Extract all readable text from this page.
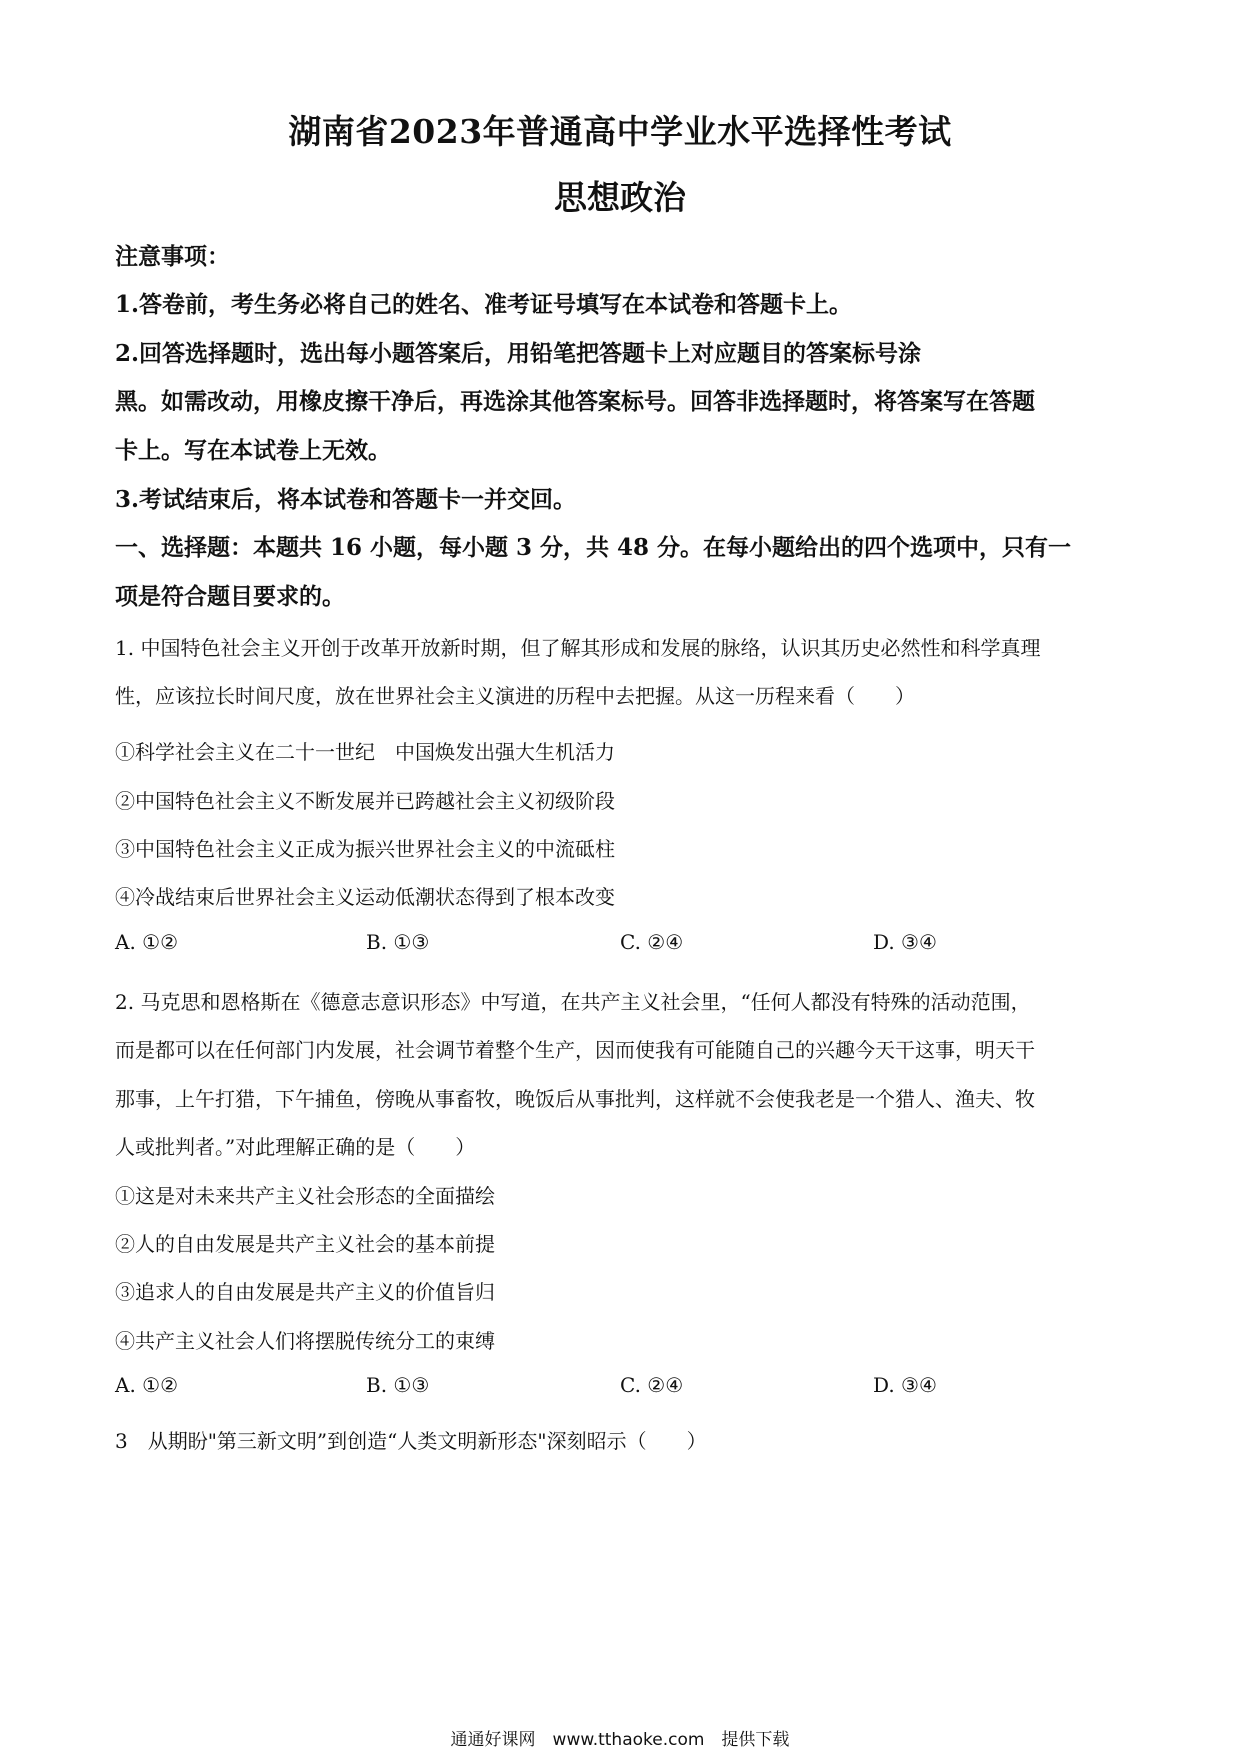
湖南省2023年普通高中学业水平选择性考试
思想政治
注意事项：
1.答卷前，考生务必将自己的姓名、准考证号填写在本试卷和答题卡上。
2.回答选择题时，选出每小题答案后，用铅笔把答题卡上对应题目的答案标号涂
黑。如需改动，用橡皮擦干净后，再选涂其他答案标号。回答非选择题时，将答案写在答题
卡上。写在本试卷上无效。
3.考试结束后，将本试卷和答题卡一并交回。
一、选择题：本题共 16 小题，每小题 3 分，共 48 分。在每小题给出的四个选项中，只有一
项是符合题目要求的。
1. 中国特色社会主义开创于改革开放新时期，但了解其形成和发展的脉络，认识其历史必然性和科学真理
性，应该拉长时间尺度，放在世界社会主义演进的历程中去把握。从这一历程来看（　　）
①科学社会主义在二十一世纪　中国焕发出强大生机活力
②中国特色社会主义不断发展并已跨越社会主义初级阶段
③中国特色社会主义正成为振兴世界社会主义的中流砥柱
④冷战结束后世界社会主义运动低潮状态得到了根本改变
A. ①②	B. ①③	C. ②④	D. ③④
2. 马克思和恩格斯在《德意志意识形态》中写道，在共产主义社会里，“任何人都没有特殊的活动范围，
而是都可以在任何部门内发展，社会调节着整个生产，因而使我有可能随自己的兴趣今天干这事，明天干
那事，上午打猎，下午捕鱼，傍晚从事畜牧，晚饭后从事批判，这样就不会使我老是一个猎人、渔夫、牧
人或批判者。”对此理解正确的是（　　）
①这是对未来共产主义社会形态的全面描绘
②人的自由发展是共产主义社会的基本前提
③追求人的自由发展是共产主义的价值旨归
④共产主义社会人们将摆脱传统分工的束缚
A. ①②	B. ①③	C. ②④	D. ③④
3　从期盼"第三新文明”到创造“人类文明新形态"深刻昭示（　　）
通通好课网　www.tthaoke.com　提供下载
